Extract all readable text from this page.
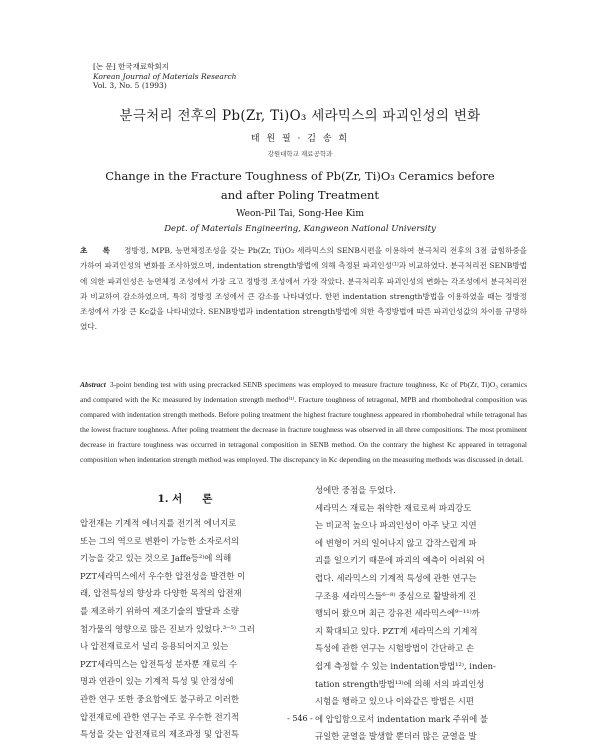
[논 문] 한국재료학회지
Korean Journal of Materials Research
Vol. 3, No. 5 (1993)
분극처리 전후의 Pb(Zr, Ti)O₃ 세라믹스의 파괴인성의 변화
태 원 필 · 김 송 희
강원대학교 재료공학과
Change in the Fracture Toughness of Pb(Zr, Ti)O₃ Ceramics before
and after Poling Treatment
Weon-Pil Tai, Song-Hee Kim
Dept. of Materials Engineering, Kangweon National University
초 록 정방정, MPB, 능면체정조성을 갖는 Pb(Zr, Ti)O₃ 세라믹스의 SENB시편을 이용하여 분극처리 전후의 3점 굽힘하중을 가하여 파괴인성의 변화를 조사하였으며, indentation strength방법에 의해 측정된 파괴인성⁽¹⁾과 비교하였다. 분극처리전 SENB방법에 의한 파괴인성은 능면체정 조성에서 가장 크고 정방정 조성에서 가장 작았다. 분극처리후 파괴인성의 변화는 각조성에서 분극처리전과 비교하여 감소하였으며, 특히 정방정 조성에서 큰 감소를 나타내었다. 한편 indentation strength방법을 이용하였을 때는 정방정 조성에서 가장 큰 Kc값을 나타내었다. SENB방법과 indentation strength방법에 의한 측정방법에 따른 파괴인성값의 차이를 규명하였다.
Abstract 3-point bending test with using precracked SENB specimens was employed to measure fracture toughness, Kc of Pb(Zr, Ti)O₃ ceramics and compared with the Kc measured by indentation strength method⁽¹⁾. Fracture toughness of tetragonal, MPB and rhombohedral composition was compared with indentation strength methods. Before poling treatment the highest fracture toughness appeared in rhombohedral while tetragonal has the lowest fracture toughness. After poling treatment the decrease in fracture toughness was observed in all three compositions. The most prominent decrease in fracture toughness was occurred in tetragonal composition in SENB method. On the contrary the highest Kc appeared in tetragonal composition when indentation strength method was employed. The discrepancy in Kc depending on the measuring methods was discussed in detail.
1. 서 론
압전재는 기계적 에너지를 전기적 에너지로
또는 그의 역으로 변환이 가능한 소자로서의
기능을 갖고 있는 것으로 Jaffe등²⁾에 의해
PZT세라믹스에서 우수한 압전성을 발견한 이
래, 압전특성의 향상과 다양한 목적의 압전재
를 제조하기 위하여 제조기술의 발달과 소량
첨가물의 영향으로 많은 진보가 있었다.³⁻⁵⁾ 그러
나 압전재료로서 널리 응용되어지고 있는
PZT세라믹스는 압전특성 분자뿐 재료의 수
명과 연관이 있는 기계적 특성 및 안정성에
관한 연구 또한 중요함에도 불구하고 이러한
압전재료에 관한 연구는 주로 우수한 전기적
특성을 갖는 압전재료의 제조과정 및 압전특
성에만 중점을 두었다.
세라믹스 재료는 취약한 재료로써 파괴강도
는 비교적 높으나 파괴인성이 아주 낮고 지연
에 변형이 거의 일어나지 않고 갑작스럽게 파
괴를 일으키기 때문에 파괴의 예측이 어려워 어
렵다. 세라믹스의 기계적 특성에 관한 연구는
구조용 세라믹스들⁶⁻⁸⁾ 중심으로 활발하게 진
행되어 왔으며 최근 강유전 세라믹스에⁹⁻¹¹⁾까
지 확대되고 있다. PZT계 세라믹스의 기계적
특성에 관한 연구는 시험방법이 간단하고 손
쉽게 측정할 수 있는 indentation방법¹²⁾, inden-
tation strength방법¹³⁾에 의해 서의 파괴인성
시험을 행하고 있으나 이와같은 방법은 시편
에 압입함으로서 indentation mark 주위에 불
규일한 균열을 발생할 뿐더러 많은 균열을 발
- 546 -
